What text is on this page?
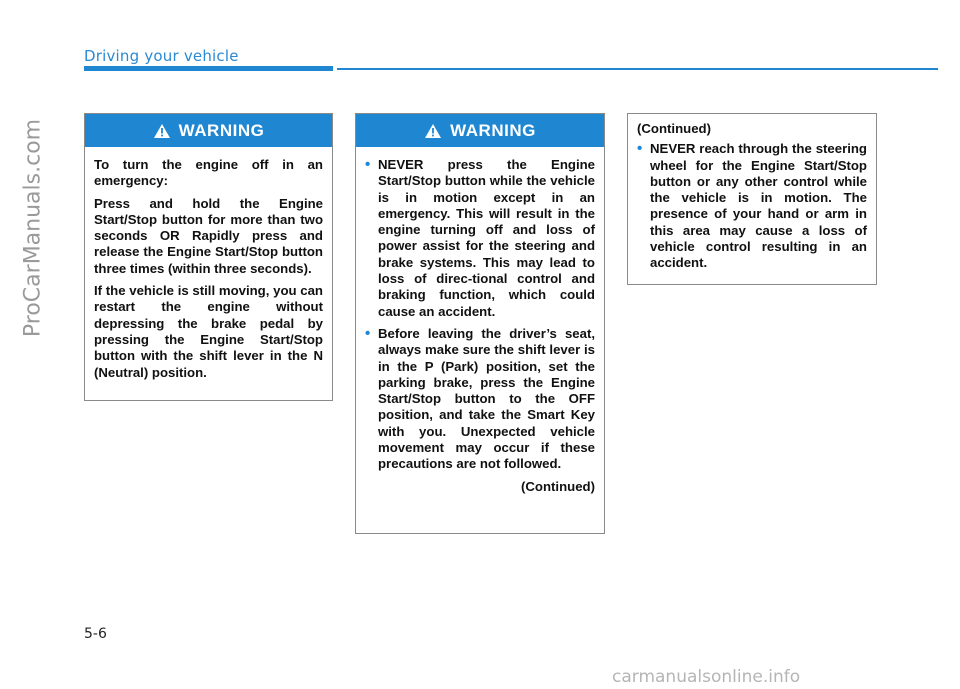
Driving your vehicle
ProCarManuals.com	WARNING

To turn the engine off in an emergency:

Press and hold the Engine Start/Stop button for more than two seconds OR Rapidly press and release the Engine Start/Stop button three times (within three seconds).

If the vehicle is still moving, you can restart the engine without depressing the brake pedal by pressing the Engine Start/Stop button with the shift lever in the N (Neutral) position.

WARNING
• NEVER press the Engine Start/Stop button while the vehicle is in motion except in an emergency. This will result in the engine turning off and loss of power assist for the steering and brake systems. This may lead to loss of direc-tional control and braking function, which could cause an accident.
• Before leaving the driver’s seat, always make sure the shift lever is in the P (Park) position, set the parking brake, press the Engine Start/Stop button to the OFF position, and take the Smart Key with you. Unexpected vehicle movement may occur if these precautions are not followed.
(Continued)
(Continued)
• NEVER reach through the steering wheel for the Engine Start/Stop button or any other control while the vehicle is in motion. The presence of your hand or arm in this area may cause a loss of vehicle control resulting in an accident.
5-6
carmanualsonline.info
